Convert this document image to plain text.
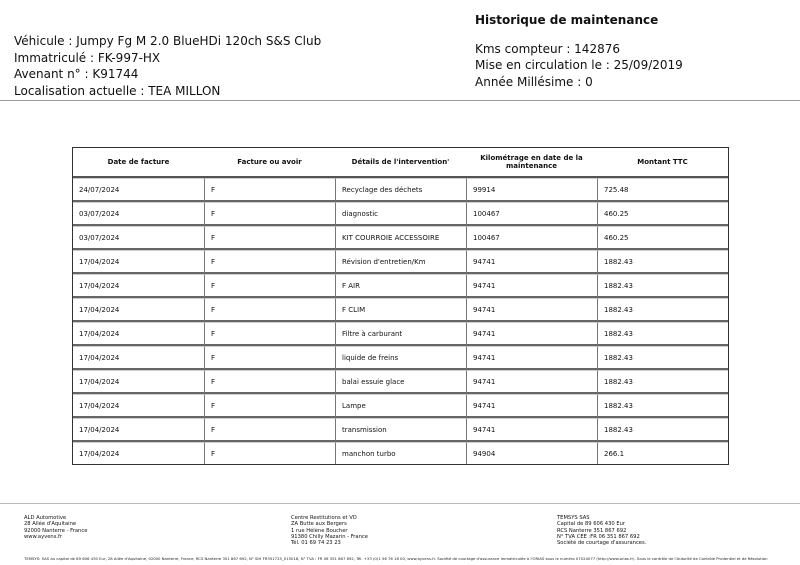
Véhicule : Jumpy Fg M 2.0 BlueHDi 120ch S&S Club
Immatriculé : FK-997-HX
Avenant n° : K91744
Localisation actuelle : TEA MILLON
Historique de maintenance
Kms compteur : 142876
Mise en circulation le : 25/09/2019
Année Millésime : 0
Date de facture	Facture ou avoir	Détails de l'intervention'	Kilométrage en date de la maintenance	Montant TTC
24/07/2024	F	Recyclage des déchets	99914	725.48
03/07/2024	F	diagnostic	100467	460.25
03/07/2024	F	KIT COURROIE ACCESSOIRE	100467	460.25
17/04/2024	F	Révision d'entretien/Km	94741	1882.43
17/04/2024	F	F AIR	94741	1882.43
17/04/2024	F	F CLIM	94741	1882.43
17/04/2024	F	Filtre à carburant	94741	1882.43
17/04/2024	F	liquide de freins	94741	1882.43
17/04/2024	F	balai essuie glace	94741	1882.43
17/04/2024	F	Lampe	94741	1882.43
17/04/2024	F	transmission	94741	1882.43
17/04/2024	F	manchon turbo	94904	266.1
ALD Automotive
28 Allée d'Aquitaine
92000 Nanterre - France
www.ayvens.fr
Centre Restitutions et VO
ZA Butte aux Bergers
1 rue Hélène Boucher
91380 Chilly Mazarin - France
Tél. 01 69 74 23 23
TEMSYS SAS
Capital de 89 606 430 Eur
RCS Nanterre 351 867 692
N° TVA CEE :FR 06 351 867 692
Société de courtage d'assurances.
TEMSYS: SAS au capital de 89 606 430 Eur, 28 Allée d'Aquitaine, 92000 Nanterre, France, RCS Nanterre 351 867 692, N° SIH FR351725_015018, N° TVA : FR 06 351 867 692, Tél. +33 (0)1 56 76 18 00, www.ayvens.fr. Société de courtage d'assurance immatriculée à l'ORIAS sous le numéro 07024077 (http://www.orias.fr). Sous le contrôle de l'Autorité de Contrôle Prudentiel et de Résolution
